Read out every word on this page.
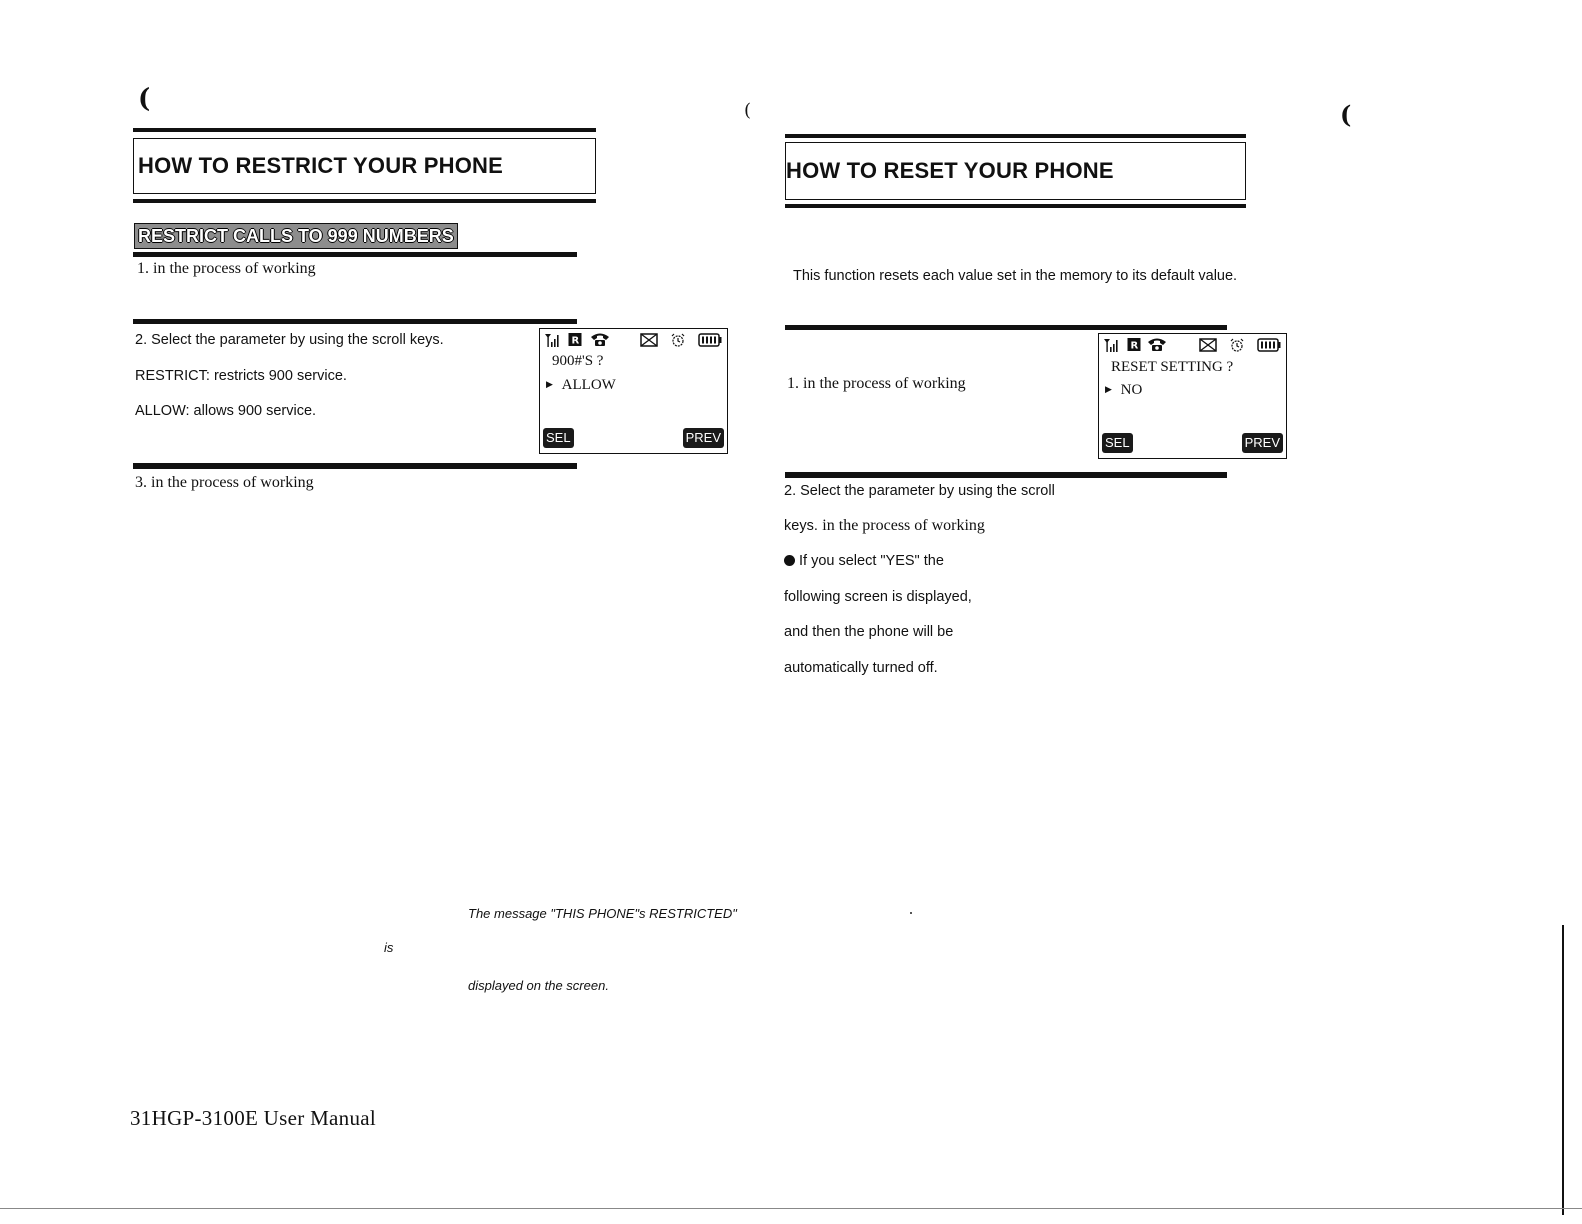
(	(	(
HOW TO RESTRICT YOUR PHONE
RESTRICT CALLS TO 999 NUMBERS
1. in the process of working
2. Select the parameter by using the scroll keys.
RESTRICT: restricts 900 service.
ALLOW: allows 900 service.
R
900#'S ?
▶ ALLOW
SEL	PREV
3. in the process of working
The message "THIS PHONE"s RESTRICTED"
is
displayed on the screen.
31HGP-3100E User Manual
HOW TO RESET YOUR PHONE
This function resets each value set in the memory to its default value.
1. in the process of working
R
RESET SETTING ?
▶ NO
SEL	PREV
2. Select the parameter by using the scroll
keys. in the process of working
If you select "YES" the
following screen is displayed,
and then the phone will be
automatically turned off.
